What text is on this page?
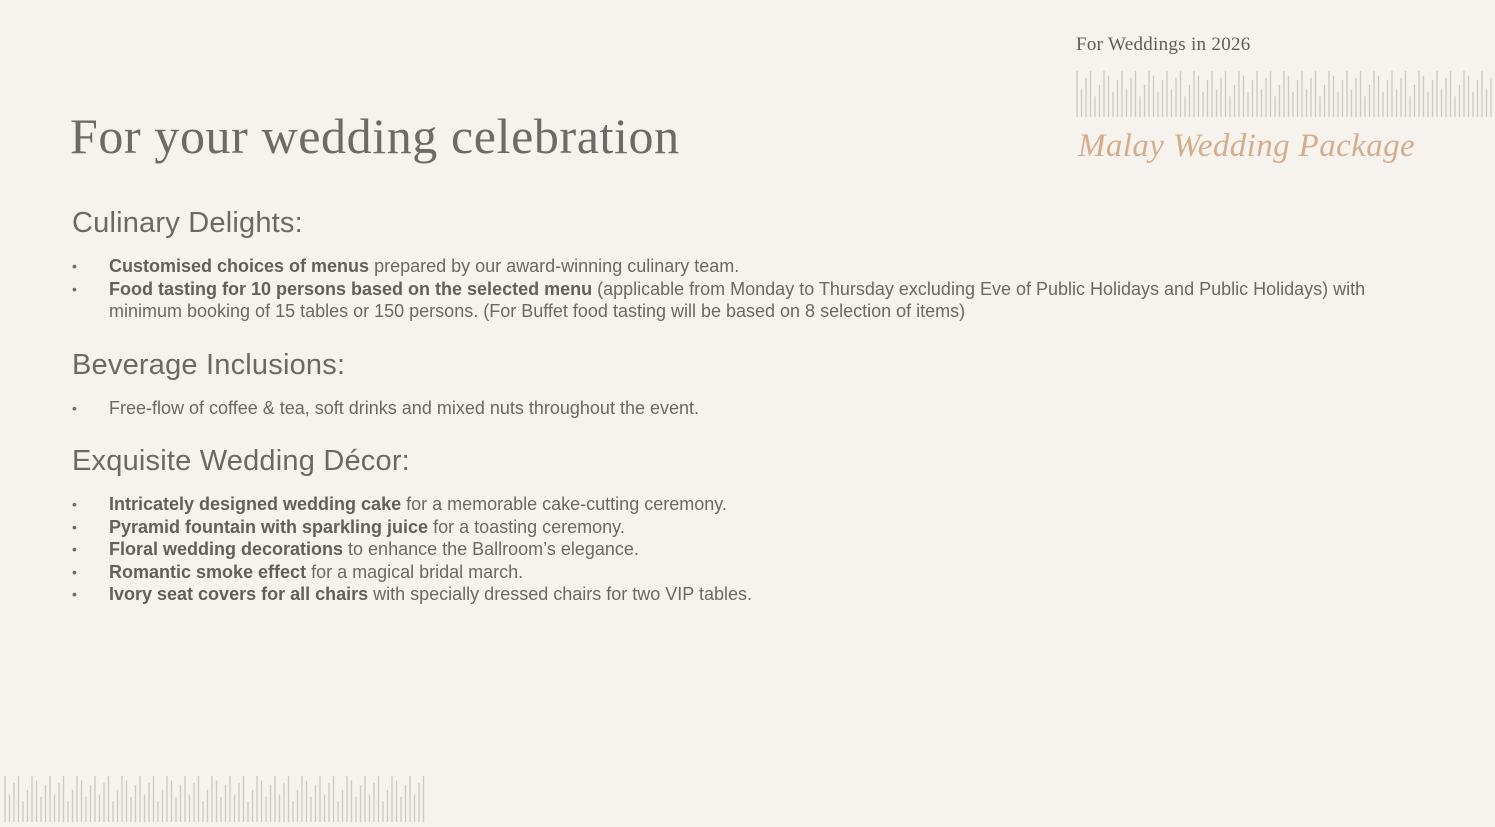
For Weddings in 2026
Malay Wedding Package
For your wedding celebration
Culinary Delights:
• Customised choices of menus prepared by our award-winning culinary team.
• Food tasting for 10 persons based on the selected menu (applicable from Monday to Thursday excluding Eve of Public Holidays and Public Holidays) with minimum booking of 15 tables or 150 persons. (For Buffet food tasting will be based on 8 selection of items)
Beverage Inclusions:
• Free-flow of coffee & tea, soft drinks and mixed nuts throughout the event.
Exquisite Wedding Décor:
• Intricately designed wedding cake for a memorable cake-cutting ceremony.
• Pyramid fountain with sparkling juice for a toasting ceremony.
• Floral wedding decorations to enhance the Ballroom’s elegance.
• Romantic smoke effect for a magical bridal march.
• Ivory seat covers for all chairs with specially dressed chairs for two VIP tables.
